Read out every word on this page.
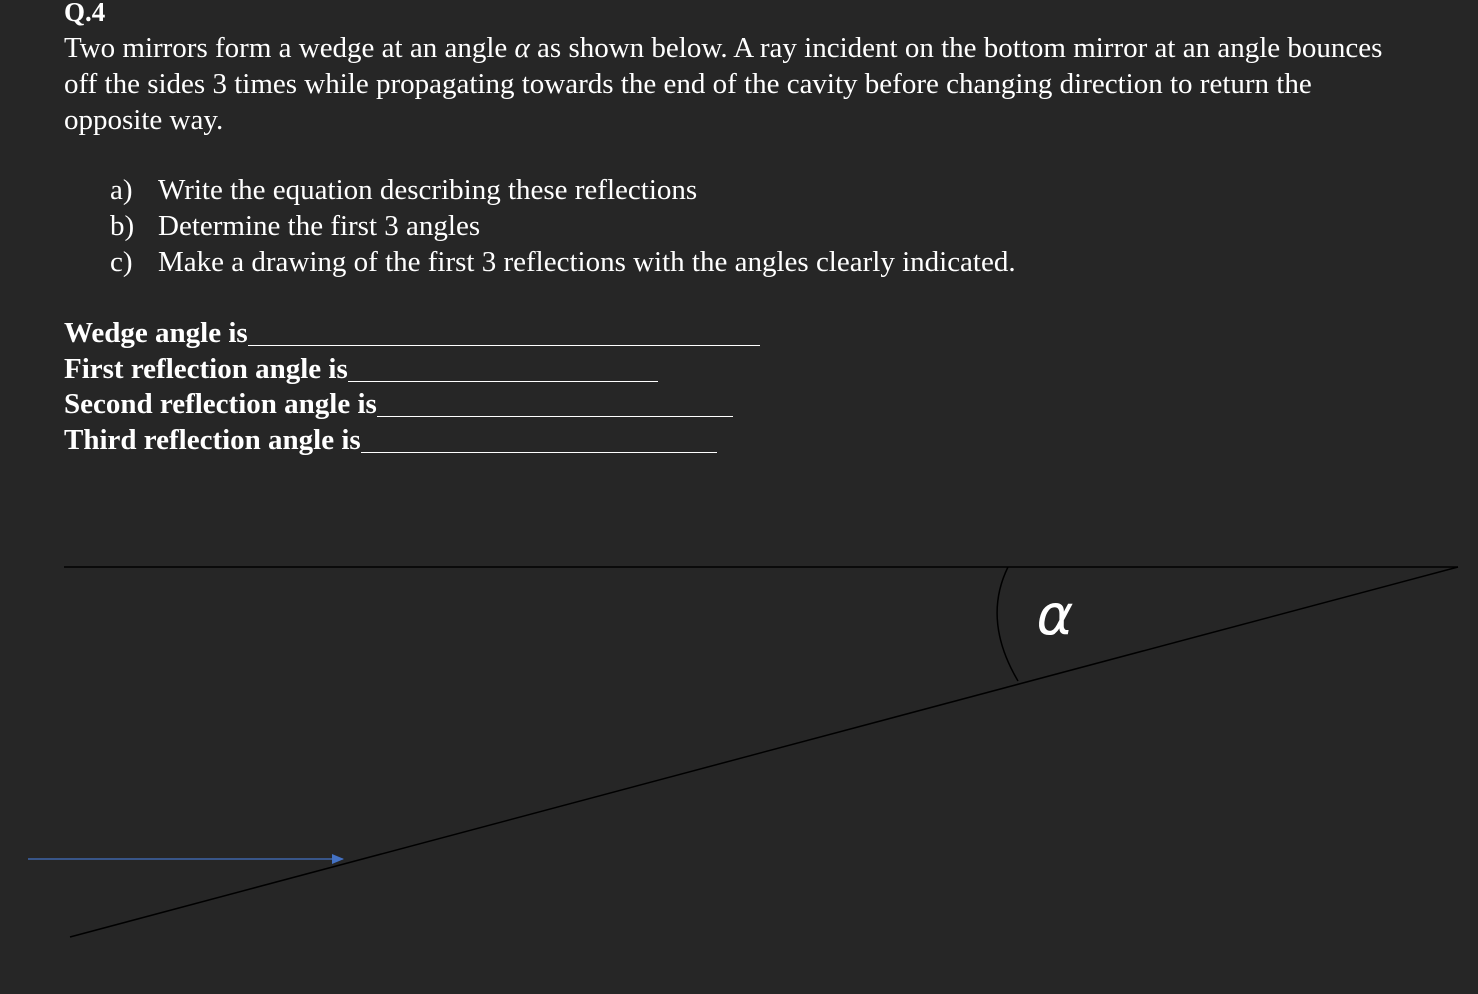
Q.4

Two mirrors form a wedge at an angle α as shown below. A ray incident on the bottom mirror at an angle bounces off the sides 3 times while propagating towards the end of the cavity before changing direction to return the opposite way.

a) Write the equation describing these reflections
b) Determine the first 3 angles
c) Make a drawing of the first 3 reflections with the angles clearly indicated.
Wedge angle is
First reflection angle is
Second reflection angle is
Third reflection angle is
α
